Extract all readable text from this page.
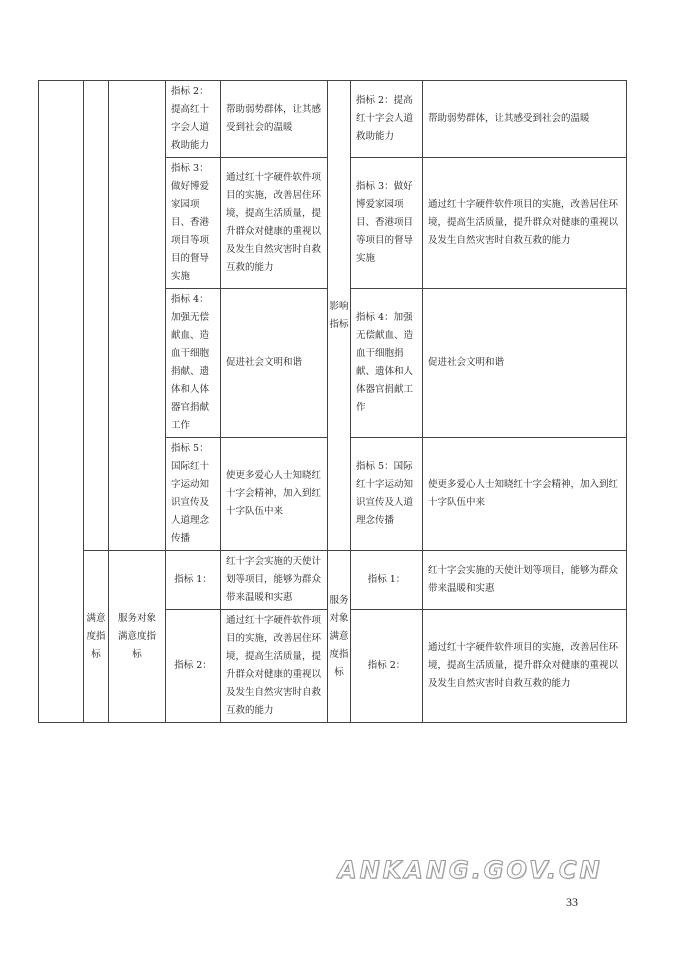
			指标 2：提高红十字会人道救助能力	帮助弱势群体，让其感受到社会的温暖	影响指标	指标 2：提高红十字会人道救助能力	帮助弱势群体，让其感受到社会的温暖
			指标 3：做好博爱家园项目、香港项目等项目的督导实施	通过红十字硬件软件项目的实施，改善居住环境，提高生活质量，提升群众对健康的重视以及发生自然灾害时自救互救的能力		指标 3：做好博爱家园项目、香港项目等项目的督导实施	通过红十字硬件软件项目的实施，改善居住环境，提高生活质量，提升群众对健康的重视以及发生自然灾害时自救互救的能力
			指标 4：加强无偿献血、造血干细胞捐献、遗体和人体器官捐献工作	促进社会文明和谐		指标 4：加强无偿献血、造血干细胞捐献、遗体和人体器官捐献工作	促进社会文明和谐
			指标 5：国际红十字运动知识宣传及人道理念传播	使更多爱心人士知晓红十字会精神，加入到红十字队伍中来		指标 5：国际红十字运动知识宣传及人道理念传播	使更多爱心人士知晓红十字会精神，加入到红十字队伍中来
	满意度指标	服务对象满意度指标	指标 1：	红十字会实施的天使计划等项目，能够为群众带来温暖和实惠	服务对象满意度指标	指标 1：	红十字会实施的天使计划等项目，能够为群众带来温暖和实惠
			指标 2：	通过红十字硬件软件项目的实施，改善居住环境，提高生活质量，提升群众对健康的重视以及发生自然灾害时自救互救的能力		指标 2：	通过红十字硬件软件项目的实施，改善居住环境，提高生活质量，提升群众对健康的重视以及发生自然灾害时自救互救的能力
ANKANG.GOV.CN
33
